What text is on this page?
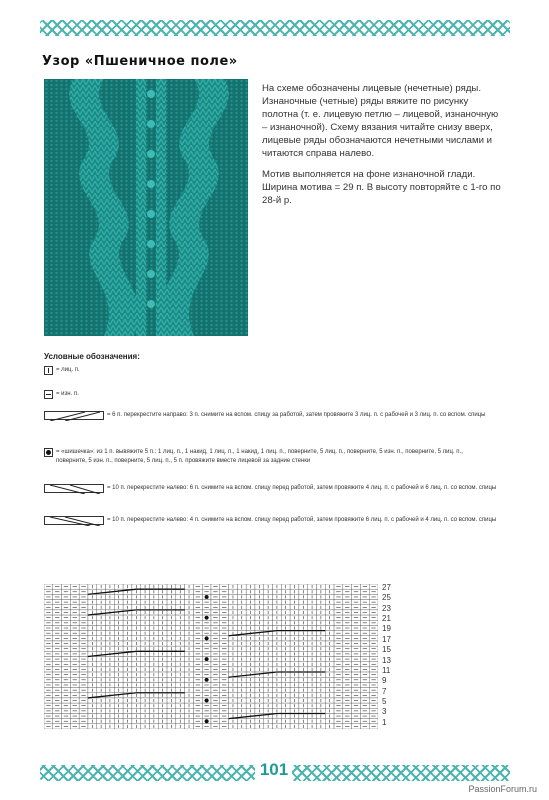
Узор «Пшеничное поле»

На схеме обозначены лицевые (нечетные) ряды. Изнаночные (четные) ряды вяжите по рисунку полотна (т. е. лицевую петлю – лицевой, изнаночную – изнаночной). Схему вязания читайте снизу вверх, лицевые ряды обозначаются нечетными числами и читаются справа налево.

Мотив выполняется на фоне изнаночной глади. Ширина мотива = 29 п. В высоту повторяйте с 1-го по 28-й р.

Условные обозначения:
= лиц. п.
= изн. п.
= 6 п. перекрестите направо: 3 п. снимите на вспом. спицу за работой, затем провяжите 3 лиц. п. с рабочей и 3 лиц. п. со вспом. спицы
= «шишечка»: из 1 п. вывяжите 5 п.: 1 лиц. п., 1 накид, 1 лиц. п., 1 накид, 1 лиц. п., поверните, 5 лиц. п., поверните, 5 изн. п., поверните, 5 лиц. п., поверните, 5 изн. п., поверните, 5 лиц. п., 5 п. провяжите вместе лицевой за задние стенки
= 10 п. перекрестите налево: 6 п. снимите на вспом. спицу перед работой, затем провяжите 4 лиц. п. с рабочей и 6 лиц. п. со вспом. спицы
= 10 п. перекрестите налево: 4 п. снимите на вспом. спицу перед работой, затем провяжите 6 лиц. п. с рабочей и 4 лиц. п. со вспом. спицы
27
25
23
21
19
17
15
13
11
9
7
5
3
1
101
PassionForum.ru
